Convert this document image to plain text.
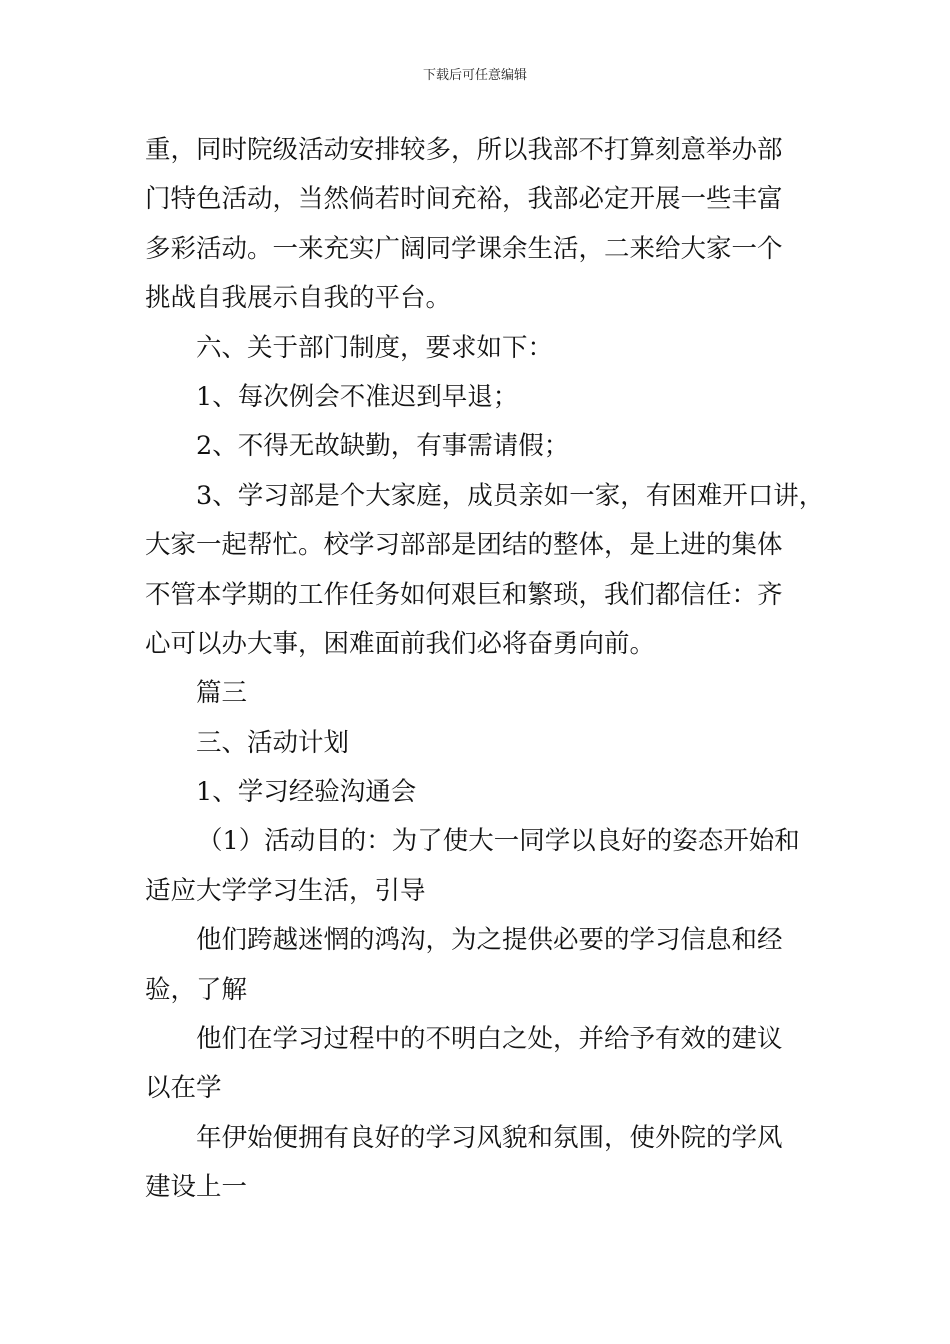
下载后可任意编辑
重，同时院级活动安排较多，所以我部不打算刻意举办部
门特色活动，当然倘若时间充裕，我部必定开展一些丰富
多彩活动。一来充实广阔同学课余生活，二来给大家一个
挑战自我展示自我的平台。
六、关于部门制度，要求如下：
1、每次例会不准迟到早退；
2、不得无故缺勤，有事需请假；
3、学习部是个大家庭，成员亲如一家，有困难开口讲，
大家一起帮忙。校学习部部是团结的整体，是上进的集体
不管本学期的工作任务如何艰巨和繁琐，我们都信任：齐
心可以办大事，困难面前我们必将奋勇向前。
篇三
三、活动计划
1、学习经验沟通会
（1）活动目的：为了使大一同学以良好的姿态开始和
适应大学学习生活，引导
他们跨越迷惘的鸿沟，为之提供必要的学习信息和经
验，了解
他们在学习过程中的不明白之处，并给予有效的建议
以在学
年伊始便拥有良好的学习风貌和氛围，使外院的学风
建设上一
